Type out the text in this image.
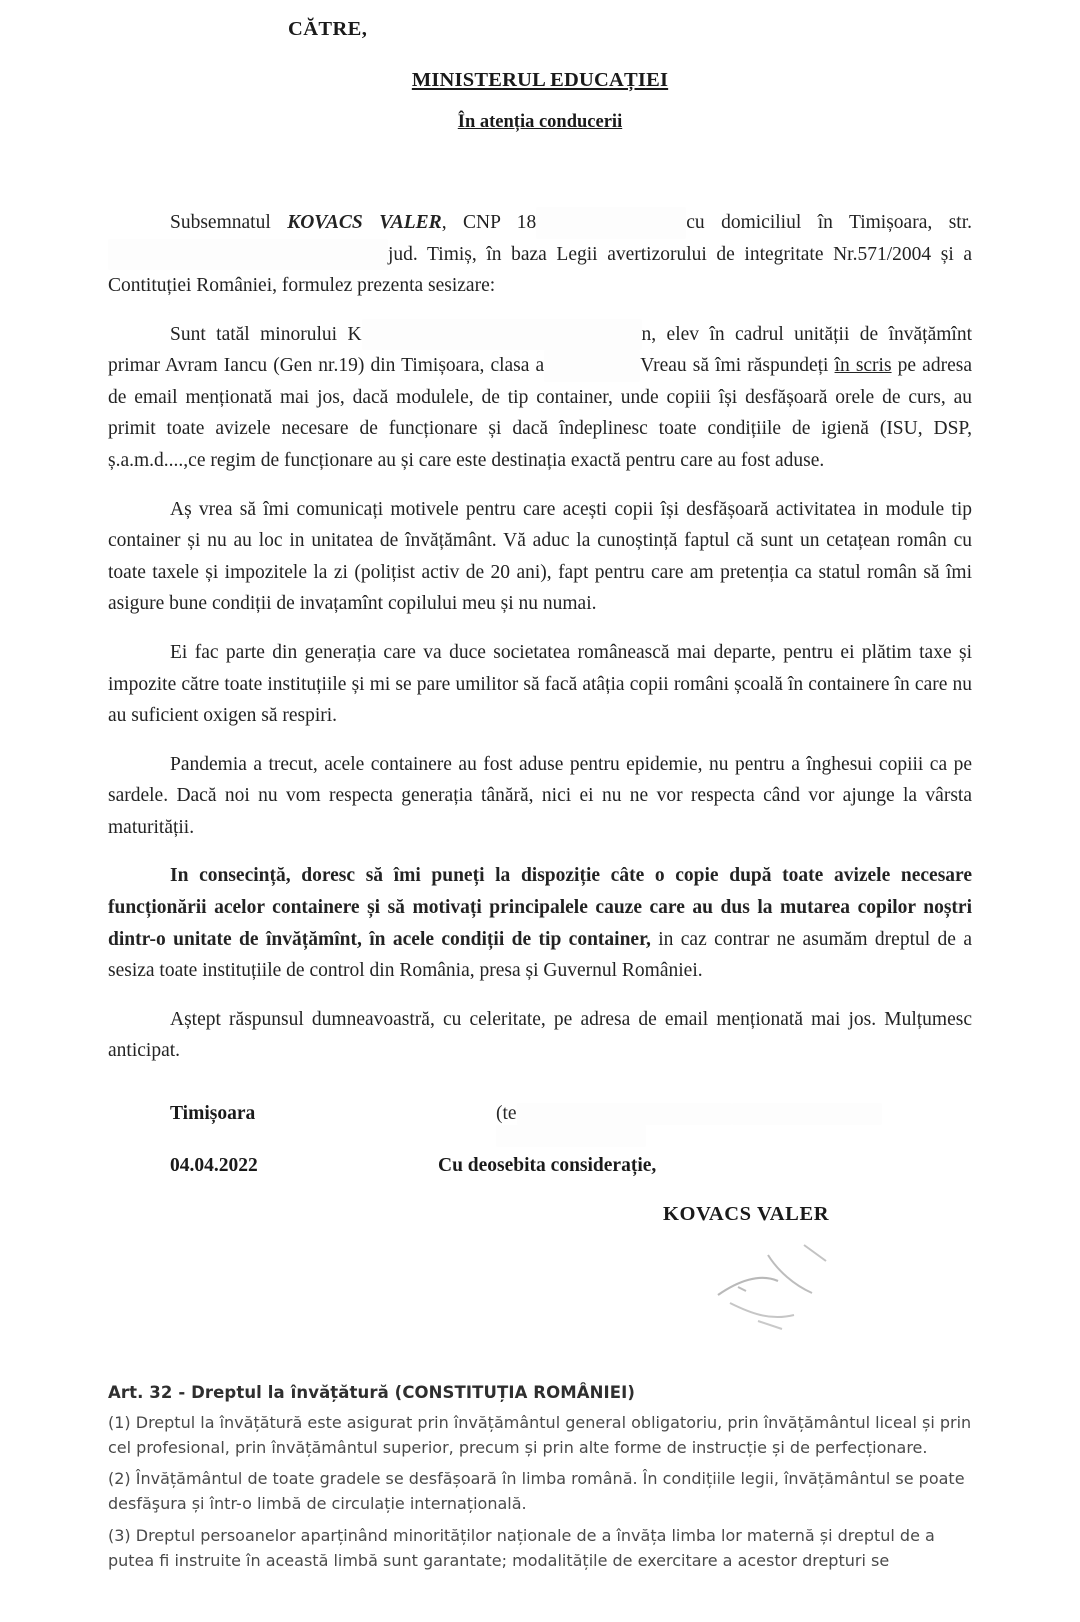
CĂTRE,
MINISTERUL EDUCAȚIEI
În atenția conducerii

Subsemnatul KOVACS VALER, CNP 18	cu domiciliul în Timișoara, str. jud. Timiș, în baza Legii avertizorului de integritate Nr.571/2004 și a Contituției României, formulez prezenta sesizare:

Sunt tatăl minorului K	n, elev în cadrul unității de învățămînt primar Avram Iancu (Gen nr.19) din Timișoara, clasa a	Vreau să îmi răspundeți în scris pe adresa de email menționată mai jos, dacă modulele, de tip container, unde copiii își desfășoară orele de curs, au primit toate avizele necesare de funcționare și dacă îndeplinesc toate condițiile de igienă (ISU, DSP, ș.a.m.d....,ce regim de funcționare au și care este destinația exactă pentru care au fost aduse.

Aș vrea să îmi comunicați motivele pentru care acești copii își desfășoară activitatea in module tip container și nu au loc in unitatea de învățământ. Vă aduc la cunoștință faptul că sunt un cetațean român cu toate taxele și impozitele la zi (polițist activ de 20 ani), fapt pentru care am pretenția ca statul român să îmi asigure bune condiții de invațamînt copilului meu și nu numai.

Ei fac parte din generația care va duce societatea românească mai departe, pentru ei plătim taxe și impozite către toate instituțiile și mi se pare umilitor să facă atâția copii români școală în containere în care nu au suficient oxigen să respiri.

Pandemia a trecut, acele containere au fost aduse pentru epidemie, nu pentru a înghesui copiii ca pe sardele. Dacă noi nu vom respecta generația tânără, nici ei nu ne vor respecta când vor ajunge la vârsta maturității.

In consecință, doresc să îmi puneți la dispoziție câte o copie după toate avizele necesare funcționării acelor containere și să motivați principalele cauze care au dus la mutarea copilor noștri dintr-o unitate de învățămînt, în acele condiții de tip container, in caz contrar ne asumăm dreptul de a sesiza toate instituțiile de control din România, presa și Guvernul României.

Aștept răspunsul dumneavoastră, cu celeritate, pe adresa de email menționată mai jos. Mulțumesc anticipat.

Timișoara
04.04.2022
(te
Cu deosebita considerație,
KOVACS VALER
Art. 32 - Dreptul la învățătură (CONSTITUȚIA ROMÂNIEI)

(1) Dreptul la învățătură este asigurat prin învățământul general obligatoriu, prin învățământul liceal și prin cel profesional, prin învățământul superior, precum și prin alte forme de instrucție și de perfecționare.

(2) Învățământul de toate gradele se desfășoară în limba română. În condițiile legii, învățământul se poate desfăşura și într-o limbă de circulație internațională.

(3) Dreptul persoanelor aparținând minorităților naționale de a învăța limba lor maternă și dreptul de a putea fi instruite în această limbă sunt garantate; modalitățile de exercitare a acestor drepturi se
